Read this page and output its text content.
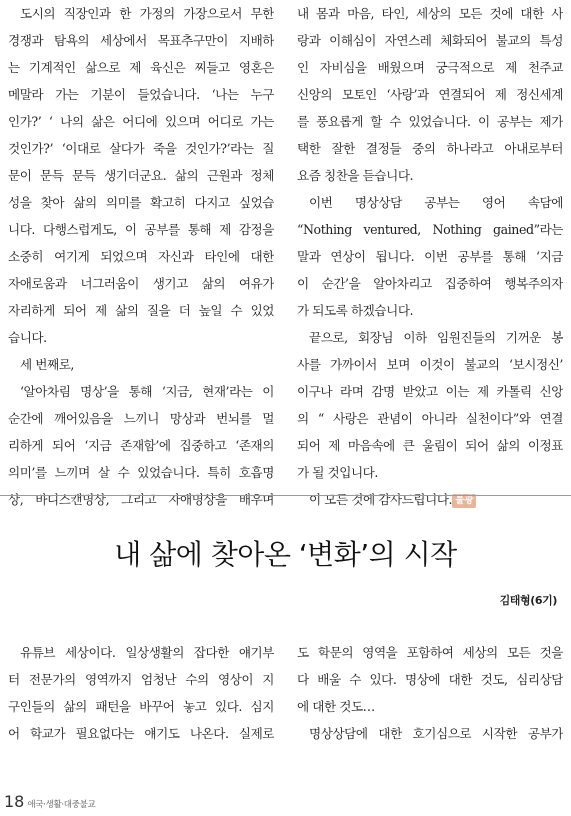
도시의 직장인과 한 가정의 가장으로서 무한
경쟁과 탐욕의 세상에서 목표추구만이 지배하
는 기계적인 삶으로 제 육신은 찌들고 영혼은
메말라 가는 기분이 들었습니다. ‘나는 누구
인가?’ ‘ 나의 삶은 어디에 있으며 어디로 가는
것인가?’ ‘이대로 살다가 죽을 것인가?’라는 질
문이 문득 문득 생기더군요. 삶의 근원과 정체
성을 찾아 삶의 의미를 확고히 다지고 싶었습
니다. 다행스럽게도, 이 공부를 통해 제 감정을
소중히 여기게 되었으며 자신과 타인에 대한
자애로움과 너그러움이 생기고 삶의 여유가
자리하게 되어 제 삶의 질을 더 높일 수 있었
습니다.
세 번째로,
‘알아차림 명상’을 통해 ‘지금, 현재’라는 이
순간에 깨어있음을 느끼니 망상과 번뇌를 멀
리하게 되어 ‘지금 존재함’에 집중하고 ‘존재의
의미’를 느끼며 살 수 있었습니다. 특히 호흡명
상, 바디스캔명상, 그리고 자애명상을 배우며
내 몸과 마음, 타인, 세상의 모든 것에 대한 사
랑과 이해심이 자연스레 체화되어 불교의 특성
인 자비심을 배웠으며 궁극적으로 제 천주교
신앙의 모토인 ‘사랑’과 연결되어 제 정신세계
를 풍요롭게 할 수 있었습니다. 이 공부는 제가
택한 잘한 결정들 중의 하나라고 아내로부터
요즘 칭찬을 듣습니다.
이번 명상상담 공부는 영어 속담에
“Nothing ventured, Nothing gained”라는
말과 연상이 됩니다. 이번 공부를 통해 ‘지금
이 순간’을 알아차리고 집중하여 행복주의자
가 되도록 하겠습니다.
끝으로, 회장님 이하 임원진들의 기꺼운 봉
사를 가까이서 보며 이것이 불교의 ‘보시정신’
이구나 라며 감명 받았고 이는 제 카톨릭 신앙
의 “ 사랑은 관념이 아니라 실천이다”와 연결
되어 제 마음속에 큰 울림이 되어 삶의 이정표
가 될 것입니다.
이 모든 것에 감사드립니다. 불광
내 삶에 찾아온 ‘변화’의 시작
김태형(6기)
유튜브 세상이다. 일상생활의 잡다한 얘기부
터 전문가의 영역까지 엄청난 수의 영상이 지
구인들의 삶의 패턴을 바꾸어 놓고 있다. 심지
어 학교가 필요없다는 얘기도 나온다. 실제로
도 학문의 영역을 포함하여 세상의 모든 것을
다 배울 수 있다. 명상에 대한 것도, 심리상담
에 대한 것도…
명상상담에 대한 호기심으로 시작한 공부가
18 애국·생활·대중불교
